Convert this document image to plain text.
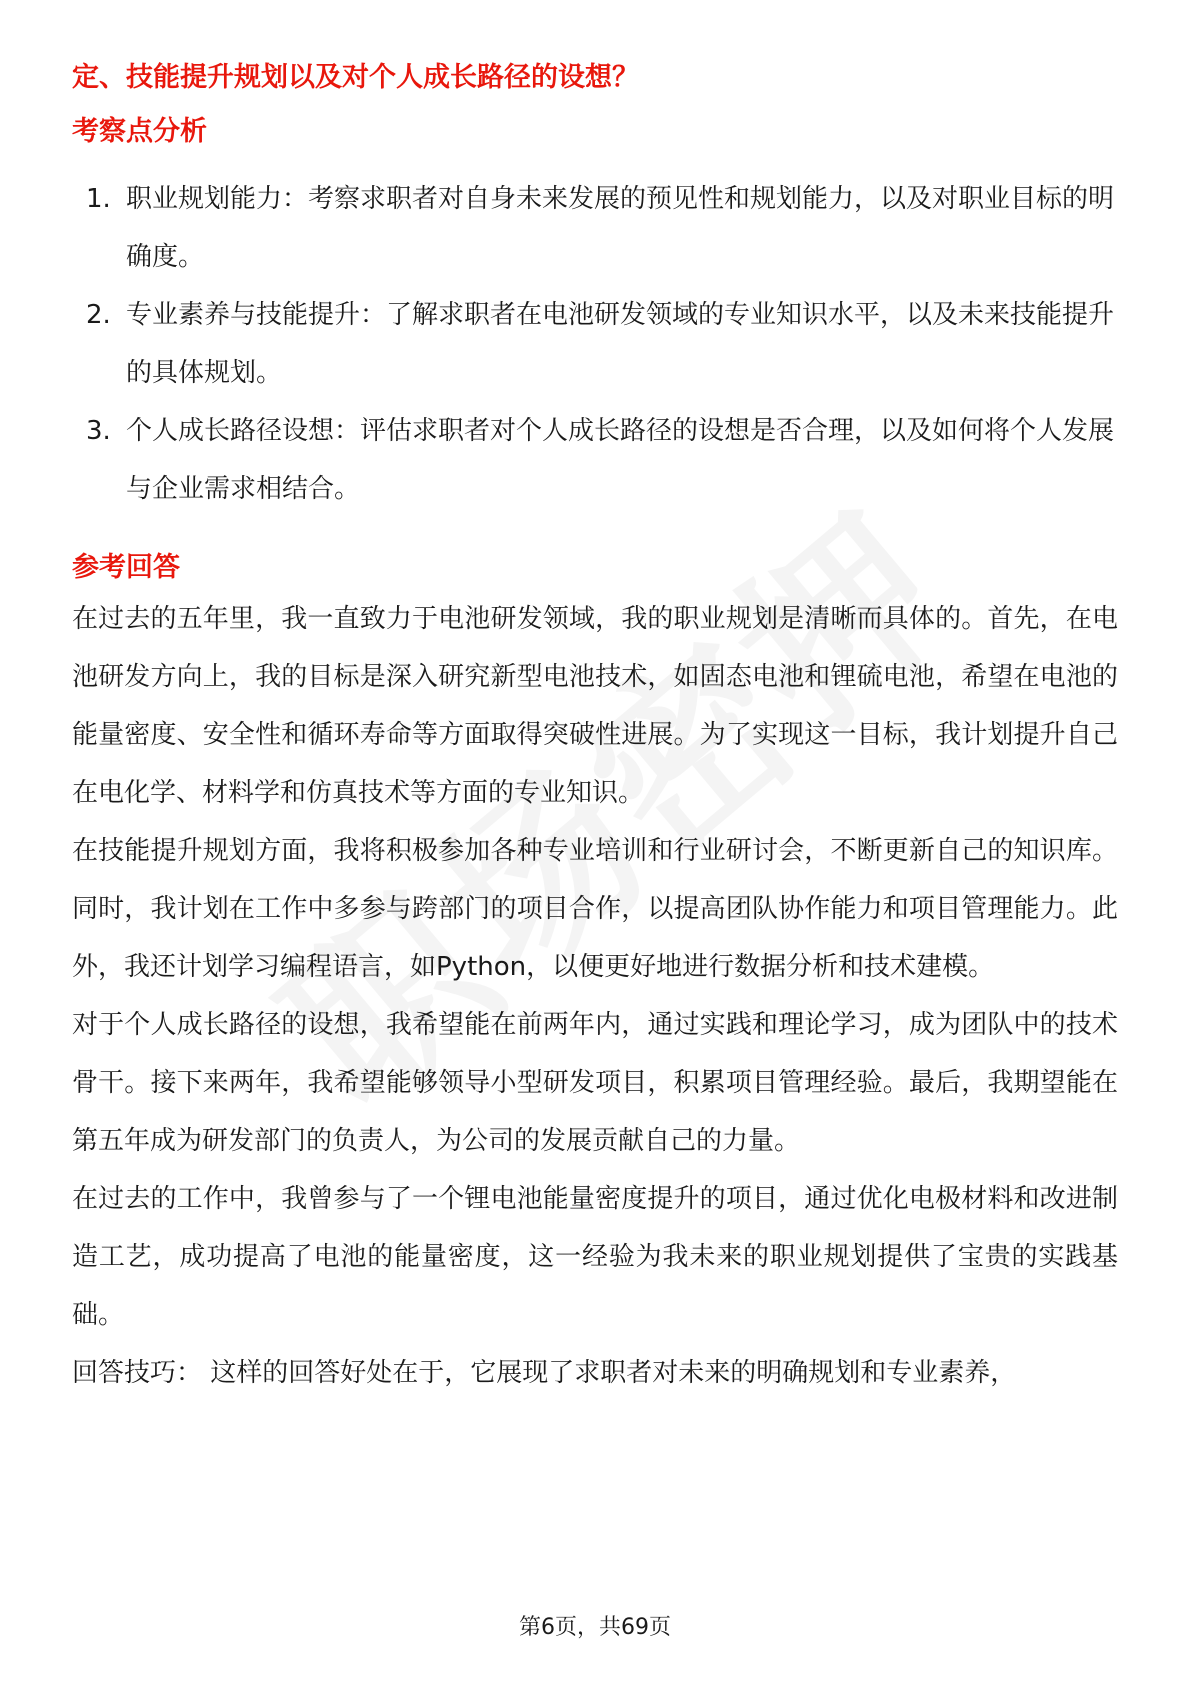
定、技能提升规划以及对个人成长路径的设想？
考察点分析
1. 职业规划能力：考察求职者对自身未来发展的预见性和规划能力，以及对职业目标的明确度。
2. 专业素养与技能提升：了解求职者在电池研发领域的专业知识水平，以及未来技能提升的具体规划。
3. 个人成长路径设想：评估求职者对个人成长路径的设想是否合理，以及如何将个人发展与企业需求相结合。
参考回答

在过去的五年里，我一直致力于电池研发领域，我的职业规划是清晰而具体的。首先，在电池研发方向上，我的目标是深入研究新型电池技术，如固态电池和锂硫电池，希望在电池的能量密度、安全性和循环寿命等方面取得突破性进展。为了实现这一目标，我计划提升自己在电化学、材料学和仿真技术等方面的专业知识。

在技能提升规划方面，我将积极参加各种专业培训和行业研讨会，不断更新自己的知识库。同时，我计划在工作中多参与跨部门的项目合作，以提高团队协作能力和项目管理能力。此外，我还计划学习编程语言，如Python，以便更好地进行数据分析和技术建模。

对于个人成长路径的设想，我希望能在前两年内，通过实践和理论学习，成为团队中的技术骨干。接下来两年，我希望能够领导小型研发项目，积累项目管理经验。最后，我期望能在第五年成为研发部门的负责人，为公司的发展贡献自己的力量。

在过去的工作中，我曾参与了一个锂电池能量密度提升的项目，通过优化电极材料和改进制造工艺，成功提高了电池的能量密度，这一经验为我未来的职业规划提供了宝贵的实践基础。

回答技巧： 这样的回答好处在于，它展现了求职者对未来的明确规划和专业素养，

第6页，共69页
